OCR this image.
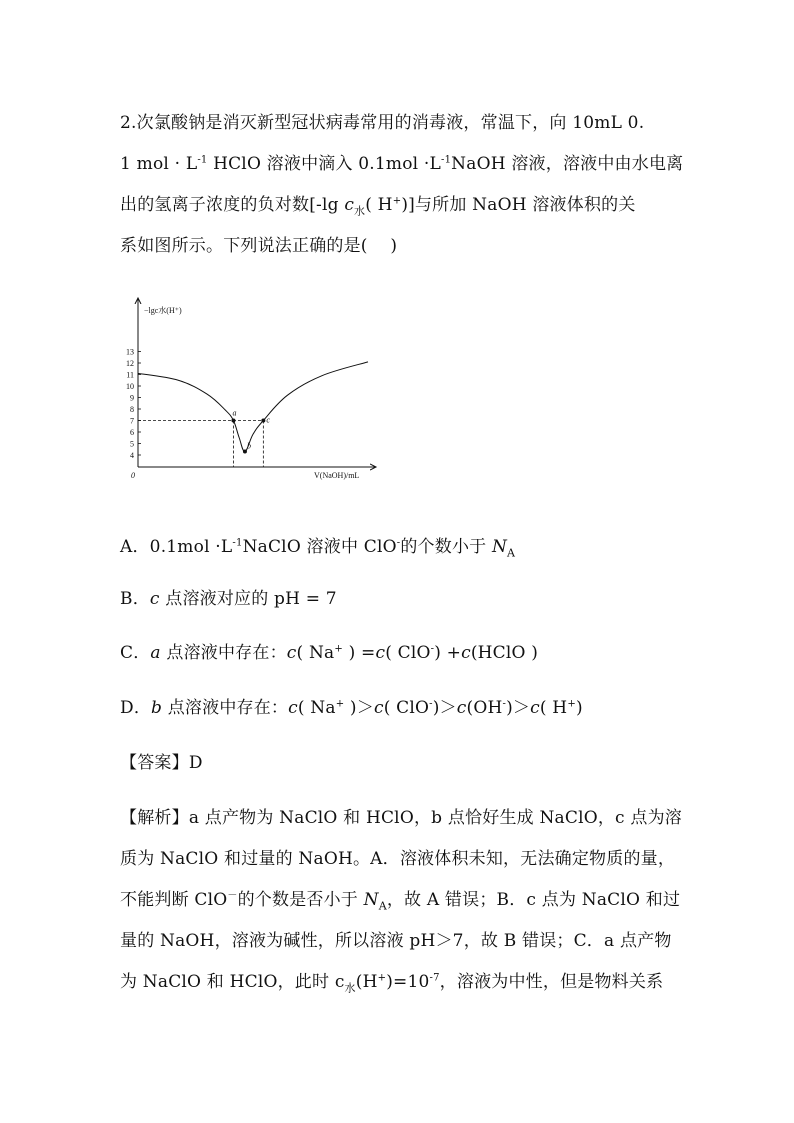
2.次氯酸钠是消灭新型冠状病毒常用的消毒液，常温下，向 10mL 0.
1 mol · $L^{-1}$ HClO 溶液中滴入 $0.1mol \cdot L^{-1}NaOH$ 溶液，溶液中由水电离
出的氢离子浓度的负对数[-lg $c_水$( H+)]与所加 NaOH 溶液体积的关
系如图所示。下列说法正确的是(　 )
−lgc水(H⁺)
V(NaOH)/mL
0
4
5
6
7
8
9
10
11
12
13
a
b
c
A．$0.1mol \cdot L^{-1}NaClO$ 溶液中 ClO-的个数小于 $N_A$
B．c 点溶液对应的 pH = 7
C．a 点溶液中存在：c( Na+ ) =c( ClO-) +c(HClO )
D．b 点溶液中存在：c( Na+ )＞c( ClO-)＞c(OH-)＞c( H+)
【答案】D
【解析】a 点产物为 NaClO 和 HClO，b 点恰好生成 NaClO，c 点为溶
质为 NaClO 和过量的 NaOH。A．溶液体积未知，无法确定物质的量，
不能判断 ClO－的个数是否小于 $N_A$，故 A 错误；B．c 点为 NaClO 和过
量的 NaOH，溶液为碱性，所以溶液 pH＞7，故 B 错误；C．a 点产物
为 NaClO 和 HClO，此时 $c_水(H^+)=10^{-7}$，溶液为中性，但是物料关系
